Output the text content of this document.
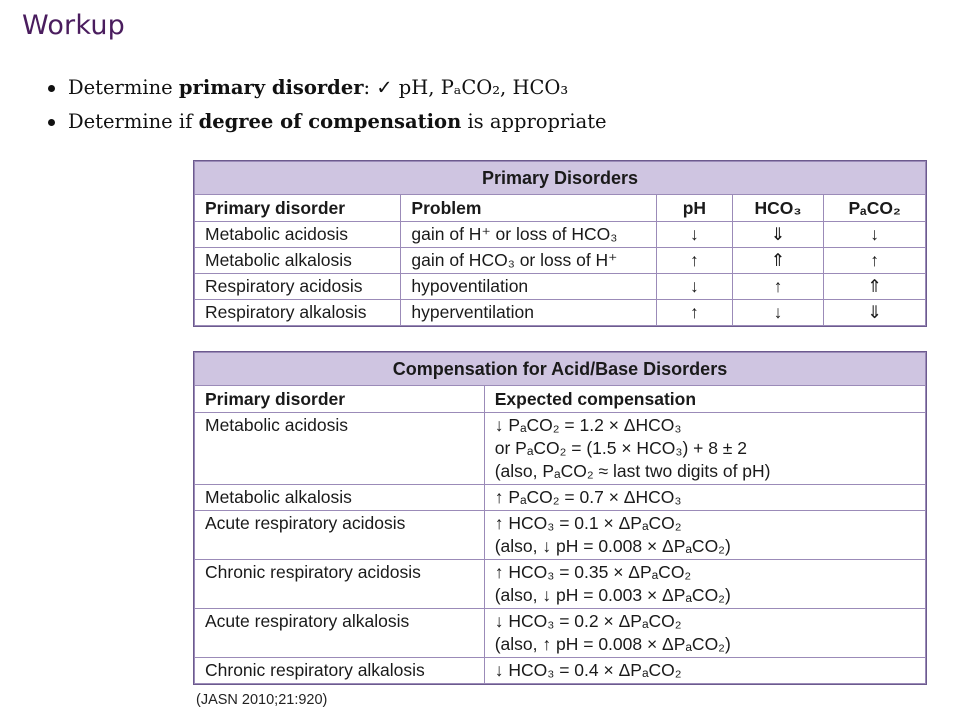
Workup
Determine primary disorder: ✓ pH, PₐCO₂, HCO₃
Determine if degree of compensation is appropriate
Primary Disorders				
Primary disorder	Problem	pH	HCO₃	PₐCO₂
Metabolic acidosis	gain of H⁺ or loss of HCO₃	↓	⇓	↓
Metabolic alkalosis	gain of HCO₃ or loss of H⁺	↑	⇑	↑
Respiratory acidosis	hypoventilation	↓	↑	⇑
Respiratory alkalosis	hyperventilation	↑	↓	⇓
Compensation for Acid/Base Disorders	
Primary disorder	Expected compensation
Metabolic acidosis	↓ PₐCO₂ = 1.2 × ΔHCO₃
or PₐCO₂ = (1.5 × HCO₃) + 8 ± 2
(also, PₐCO₂ ≈ last two digits of pH)

Metabolic alkalosis	↑ PₐCO₂ = 0.7 × ΔHCO₃

Acute respiratory acidosis	↑ HCO₃ = 0.1 × ΔPₐCO₂
(also, ↓ pH = 0.008 × ΔPₐCO₂)

Chronic respiratory acidosis	↑ HCO₃ = 0.35 × ΔPₐCO₂
(also, ↓ pH = 0.003 × ΔPₐCO₂)

Acute respiratory alkalosis	↓ HCO₃ = 0.2 × ΔPₐCO₂
(also, ↑ pH = 0.008 × ΔPₐCO₂)

Chronic respiratory alkalosis	↓ HCO₃ = 0.4 × ΔPₐCO₂
(JASN 2010;21:920)
